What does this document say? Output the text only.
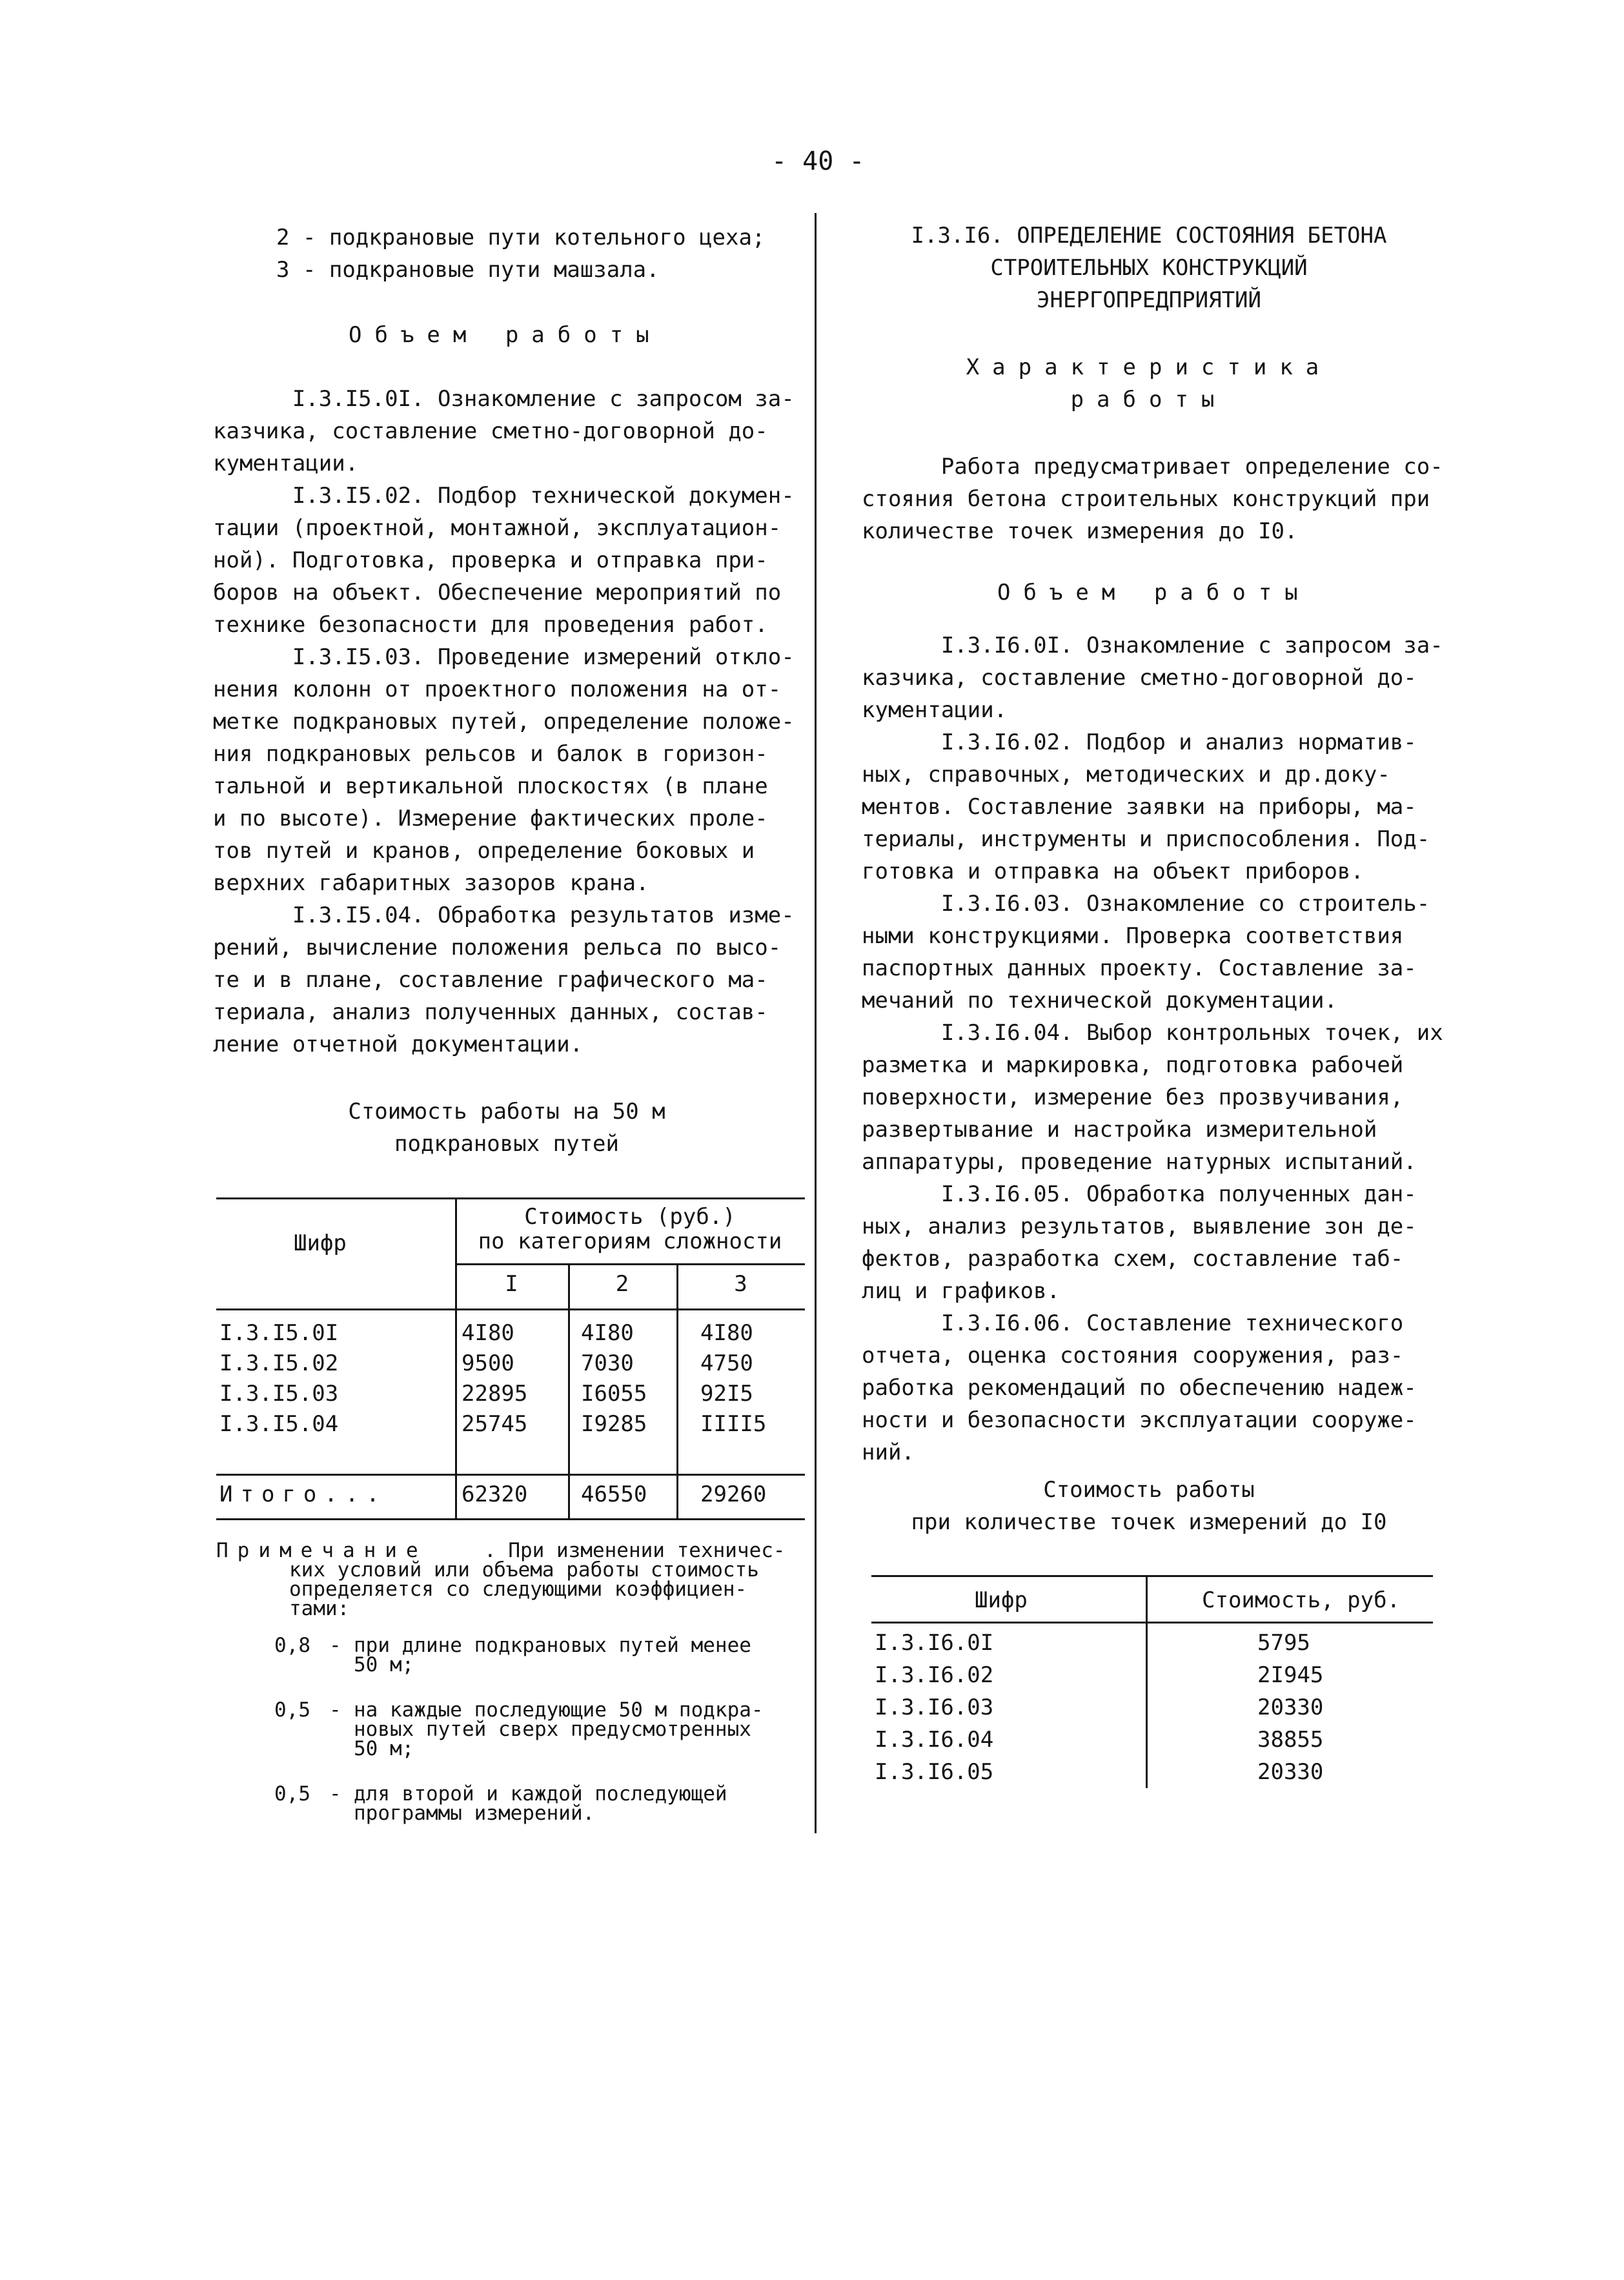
- 40 -
2 - подкрановые пути котельного цеха;
3 - подкрановые пути машзала.
Объем работы
I.3.I5.0I. Ознакомление с запросом за-
казчика, составление сметно-договорной до-
кументации.
I.3.I5.02. Подбор технической докумен-
тации (проектной, монтажной, эксплуатацион-
ной). Подготовка, проверка и отправка при-
боров на объект. Обеспечение мероприятий по
технике безопасности для проведения работ.
I.3.I5.03. Проведение измерений откло-
нения колонн от проектного положения на от-
метке подкрановых путей, определение положе-
ния подкрановых рельсов и балок в горизон-
тальной и вертикальной плоскостях (в плане
и по высоте). Измерение фактических проле-
тов путей и кранов, определение боковых и
верхних габаритных зазоров крана.
I.3.I5.04. Обработка результатов изме-
рений, вычисление положения рельса по высо-
те и в плане, составление графического ма-
териала, анализ полученных данных, состав-
ление отчетной документации.
Стоимость работы на 50 м
подкрановых путей
Шифр
Стоимость (руб.)
по категориям сложности
I	2	3
I.3.I5.0I	4I80	4I80	4I80
I.3.I5.02	9500	7030	4750
I.3.I5.03	22895 I6055 92I5
I.3.I5.04	25745 I9285 IIII5
Итого...	62320 46550 29260
Примечание	. При изменении техничес-
ких условий или объема работы стоимость
определяется со следующими коэффициен-
тами:
0,8 - при длине подкрановых путей менее
50 м;
0,5 - на каждые последующие 50 м подкра-
новых путей сверх предусмотренных
50 м;
0,5 - для второй и каждой последующей
программы измерений.
I.3.I6. ОПРЕДЕЛЕНИЕ СОСТОЯНИЯ БЕТОНА
СТРОИТЕЛЬНЫХ КОНСТРУКЦИЙ
ЭНЕРГОПРЕДПРИЯТИЙ
Характеристика
работы
Работа предусматривает определение со-
стояния бетона строительных конструкций при
количестве точек измерения до I0.
Объем работы
I.3.I6.0I. Ознакомление с запросом за-
казчика, составление сметно-договорной до-
кументации.
I.3.I6.02. Подбор и анализ норматив-
ных, справочных, методических и др.доку-
ментов. Составление заявки на приборы, ма-
териалы, инструменты и приспособления. Под-
готовка и отправка на объект приборов.
I.3.I6.03. Ознакомление со строитель-
ными конструкциями. Проверка соответствия
паспортных данных проекту. Составление за-
мечаний по технической документации.
I.3.I6.04. Выбор контрольных точек, их
разметка и маркировка, подготовка рабочей
поверхности, измерение без прозвучивания,
развертывание и настройка измерительной
аппаратуры, проведение натурных испытаний.
I.3.I6.05. Обработка полученных дан-
ных, анализ результатов, выявление зон де-
фектов, разработка схем, составление таб-
лиц и графиков.
I.3.I6.06. Составление технического
отчета, оценка состояния сооружения, раз-
работка рекомендаций по обеспечению надеж-
ности и безопасности эксплуатации сооруже-
ний.
Стоимость работы
при количестве точек измерений до I0
Шифр	Стоимость, руб.
I.3.I6.0I	5795
I.3.I6.02	2I945
I.3.I6.03	20330
I.3.I6.04	38855
I.3.I6.05	20330
